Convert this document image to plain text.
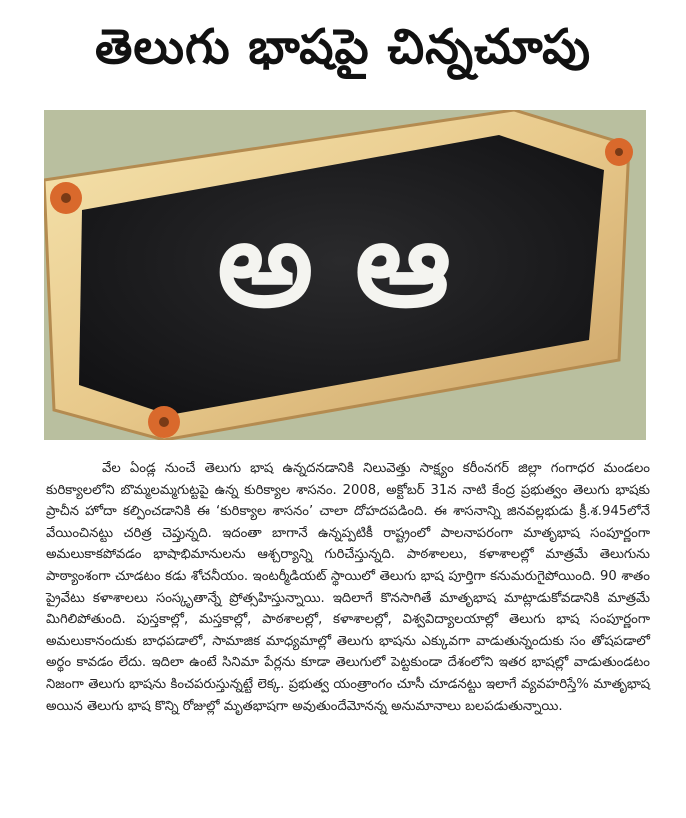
తెలుగు భాషపై చిన్నచూపు
అ ఆ

వేల ఏండ్ల నుంచే తెలుగు భాష ఉన్నదనడానికి నిలువెత్తు సాక్ష్యం కరీంనగర్ జిల్లా గంగాధర మండలం కురిక్యాలలోని బొమ్మలమ్మగుట్టపై ఉన్న కురిక్యాల శాసనం. 2008, అక్టోబర్ 31న నాటి కేంద్ర ప్రభుత్వం తెలుగు భాషకు ప్రాచీన హోదా కల్పించడానికి ఈ ‘కురిక్యాల శాసనం’ చాలా దోహదపడింది. ఈ శాసనాన్ని జినవల్లభుడు క్రీ.శ.945లోనే వేయించినట్టు చరిత్ర చెప్తున్నది. ఇదంతా బాగానే ఉన్నప్పటికీ రాష్ట్రంలో పాలనాపరంగా మాతృభాష సంపూర్ణంగా అమలుకాకపోవడం భాషాభిమానులను ఆశ్చర్యాన్ని గురిచేస్తున్నది. పాఠశాలలు, కళాశాలల్లో మాత్రమే తెలుగును పాఠ్యాంశంగా చూడటం కడు శోచనీయం. ఇంటర్మీడియట్ స్థాయిలో తెలుగు భాష పూర్తిగా కనుమరుగైపోయింది. 90 శాతం ప్రైవేటు కళాశాలలు సంస్కృతాన్నే ప్రోత్సహిస్తున్నాయి. ఇదిలాగే కొనసాగితే మాతృభాష మాట్లాడుకోవడానికి మాత్రమే మిగిలిపోతుంది. పుస్తకాల్లో, మస్తకాల్లో, పాఠశాలల్లో, కళాశాలల్లో, విశ్వవిద్యాలయాల్లో తెలుగు భాష సంపూర్ణంగా అమలుకానందుకు బాధపడాలో, సామాజిక మాధ్యమాల్లో తెలుగు భాషను ఎక్కువగా వాడుతున్నందుకు సం తోషపడాలో అర్థం కావడం లేదు. ఇదిలా ఉంటే సినిమా పేర్లను కూడా తెలుగులో పెట్టకుండా దేశంలోని ఇతర భాషల్లో వాడుతుండటం నిజంగా తెలుగు భాషను కించపరుస్తున్నట్టే లెక్క. ప్రభుత్వ యంత్రాంగం చూసీ చూడనట్టు ఇలాగే వ్యవహరిస్తే% మాతృభాష అయిన తెలుగు భాష కొన్ని రోజుల్లో మృతభాషగా అవుతుందేమోనన్న అనుమానాలు బలపడుతున్నాయి.
